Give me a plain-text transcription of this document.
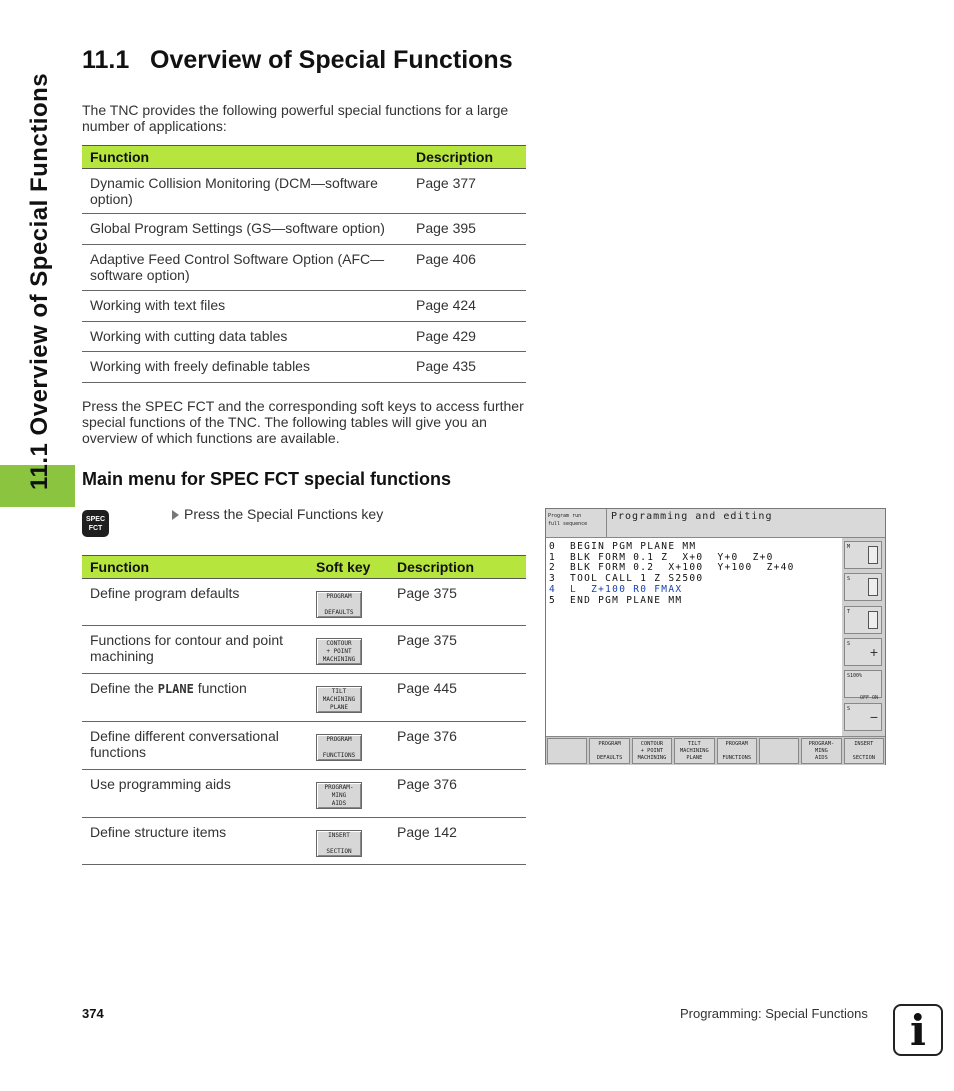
11.1 Overview of Special Functions
11.1 Overview of Special Functions

The TNC provides the following powerful special functions for a large number of applications:

Function	Description
Dynamic Collision Monitoring (DCM—software option)	Page 377
Global Program Settings (GS—software option)	Page 395
Adaptive Feed Control Software Option (AFC—software option)	Page 406
Working with text files	Page 424
Working with cutting data tables	Page 429
Working with freely definable tables	Page 435

Press the SPEC FCT and the corresponding soft keys to access further special functions of the TNC. The following tables will give you an overview of which functions are available.

Main menu for SPEC FCT special functions
SPEC
FCT
Press the Special Functions key
Function	Soft key	Description
Define program defaults	PROGRAM

DEFAULTS	Page 375
Functions for contour and point machining	CONTOUR
+ POINT
MACHINING	Page 375
Define the PLANE function	TILT
MACHINING
PLANE	Page 445
Define different conversational functions	PROGRAM

FUNCTIONS	Page 376
Use programming aids	PROGRAM-
MING
AIDS	Page 376
Define structure items	INSERT

SECTION	Page 142
Program run
full sequence
Programming and editing
0  BEGIN PGM PLANE MM
1  BLK FORM 0.1 Z  X+0  Y+0  Z+0
2  BLK FORM 0.2  X+100  Y+100  Z+40
3  TOOL CALL 1 Z S2500
4  L  Z+100 R0 FMAX
5  END PGM PLANE MM
M
S
T
S +
S100%
OFF ON
S −
PROGRAM

DEFAULTS
CONTOUR
+ POINT
MACHINING
TILT
MACHINING
PLANE
PROGRAM

FUNCTIONS
PROGRAM-
MING
AIDS
INSERT

SECTION
374	Programming: Special Functions	i
